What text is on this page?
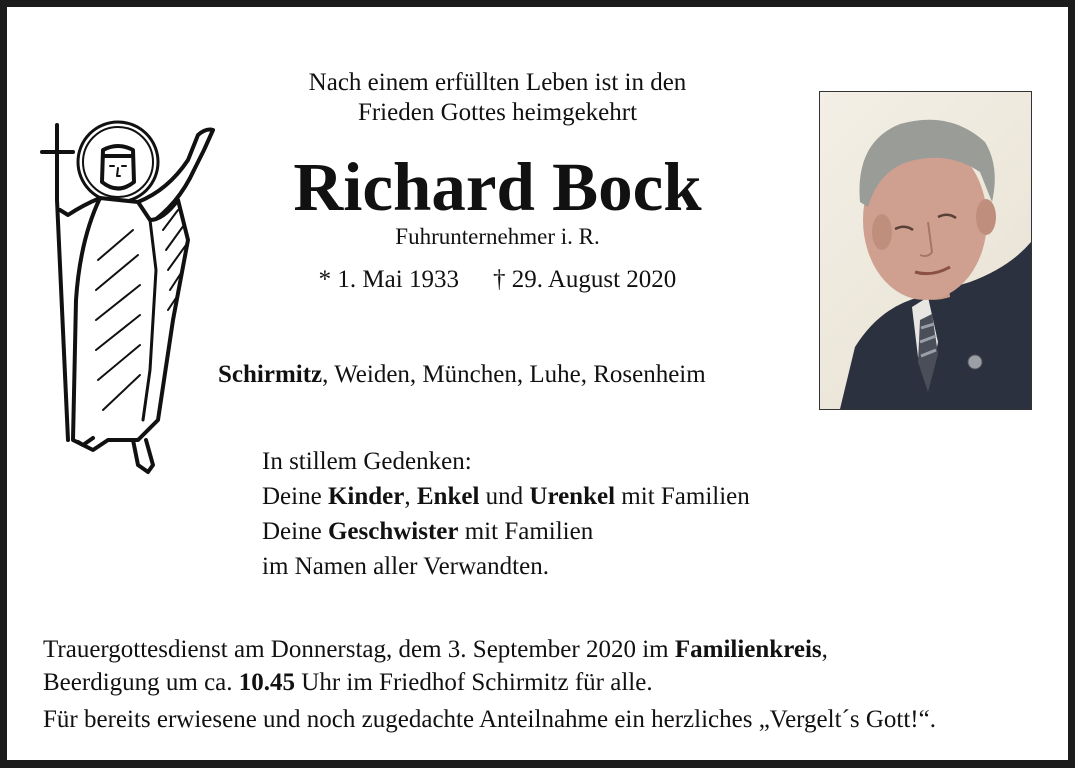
Nach einem erfüllten Leben ist in den
Frieden Gottes heimgekehrt
Richard Bock
Fuhrunternehmer i. R.
* 1. Mai 1933 † 29. August 2020
Schirmitz, Weiden, München, Luhe, Rosenheim
In stillem Gedenken:
Deine Kinder, Enkel und Urenkel mit Familien
Deine Geschwister mit Familien
im Namen aller Verwandten.
Trauergottesdienst am Donnerstag, dem 3. September 2020 im Familienkreis,
Beerdigung um ca. 10.45 Uhr im Friedhof Schirmitz für alle.
Für bereits erwiesene und noch zugedachte Anteilnahme ein herzliches „Vergelt´s Gott!“.
